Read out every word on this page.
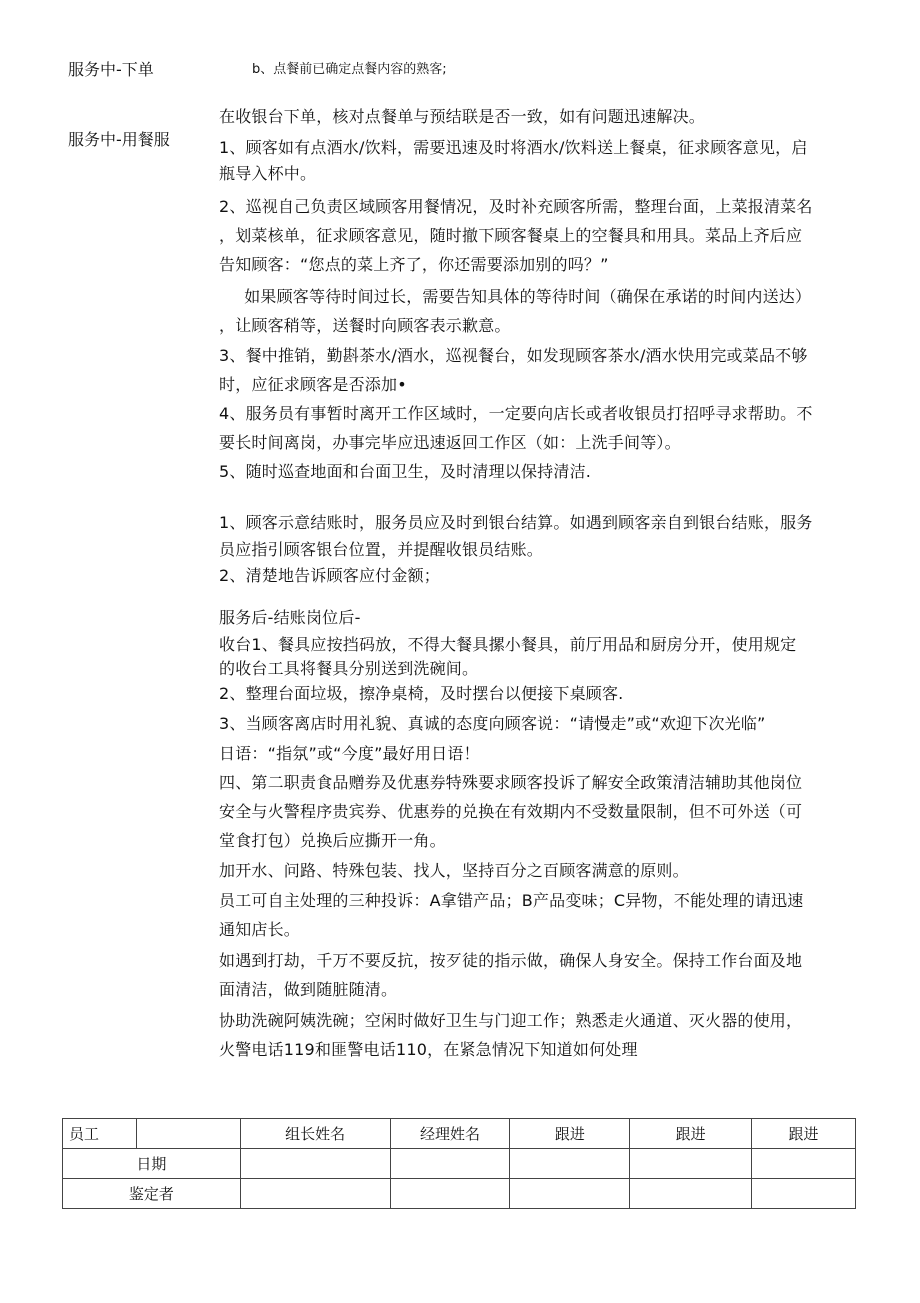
服务中-下单	b、点餐前已确定点餐内容的熟客;
服务中-用餐服
在收银台下单，核对点餐单与预结联是否一致，如有问题迅速解决。
1、顾客如有点酒水/饮料，需要迅速及时将酒水/饮料送上餐桌，征求顾客意见，启
瓶导入杯中。
2、巡视自己负责区域顾客用餐情况，及时补充顾客所需，整理台面，上菜报清菜名
，划菜核单，征求顾客意见，随时撤下顾客餐桌上的空餐具和用具。菜品上齐后应
告知顾客：“您点的菜上齐了，你还需要添加别的吗？”
　如果顾客等待时间过长，需要告知具体的等待时间（确保在承诺的时间内送达）
，让顾客稍等，送餐时向顾客表示歉意。
3、餐中推销，勤斟茶水/酒水，巡视餐台，如发现顾客茶水/酒水快用完或菜品不够
时，应征求顾客是否添加•
4、服务员有事暂时离开工作区域时，一定要向店长或者收银员打招呼寻求帮助。不
要长时间离岗，办事完毕应迅速返回工作区（如：上洗手间等）。
5、随时巡查地面和台面卫生，及时清理以保持清洁.
1、顾客示意结账时，服务员应及时到银台结算。如遇到顾客亲自到银台结账，服务
员应指引顾客银台位置，并提醒收银员结账。
2、清楚地告诉顾客应付金额；
服务后-结账岗位后-
收台1、餐具应按挡码放，不得大餐具摞小餐具，前厅用品和厨房分开，使用规定
的收台工具将餐具分别送到洗碗间。
2、整理台面垃圾，擦净桌椅，及时摆台以便接下桌顾客.
3、当顾客离店时用礼貌、真诚的态度向顾客说：“请慢走”或“欢迎下次光临”
日语：“指氛”或“今度”最好用日语！
四、第二职责食品赠券及优惠券特殊要求顾客投诉了解安全政策清洁辅助其他岗位
安全与火警程序贵宾券、优惠券的兑换在有效期内不受数量限制，但不可外送（可
堂食打包）兑换后应撕开一角。
加开水、问路、特殊包装、找人，坚持百分之百顾客满意的原则。
员工可自主处理的三种投诉：A拿错产品；B产品变味；C异物，不能处理的请迅速
通知店长。
如遇到打劫，千万不要反抗，按歹徒的指示做，确保人身安全。保持工作台面及地
面清洁，做到随脏随清。
协助洗碗阿姨洗碗；空闲时做好卫生与门迎工作；熟悉走火通道、灭火器的使用，
火警电话119和匪警电话110，在紧急情况下知道如何处理
员工		组长姓名	经理姓名	跟进	跟进	跟进
日期						
鉴定者						
